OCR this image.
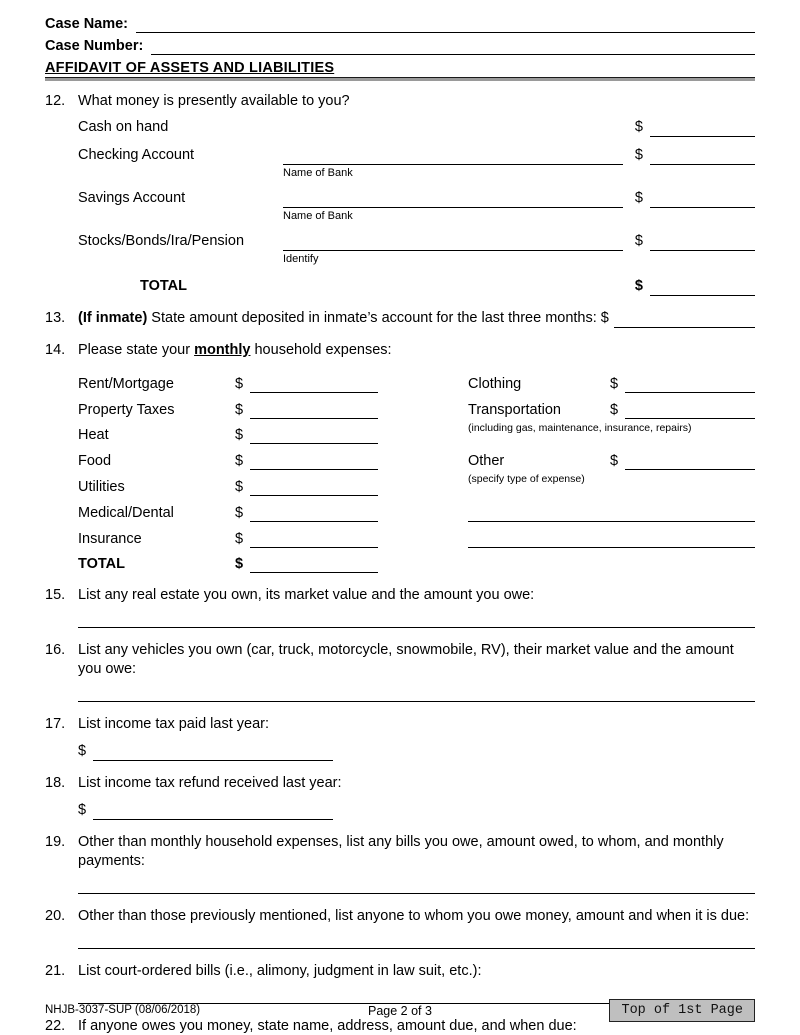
Case Name:
Case Number:
AFFIDAVIT OF ASSETS AND LIABILITIES
12. What money is presently available to you?
Cash on hand	$
Checking Account
Name of Bank
$
Savings Account
Name of Bank
$
Stocks/Bonds/Ira/Pension
Identify
$
TOTAL	$
13. (If inmate) State amount deposited in inmate’s account for the last three months: $
14. Please state your monthly household expenses:
Rent/Mortgage	$
Property Taxes	$
Heat	$
Food	$
Utilities	$
Medical/Dental	$
Insurance	$
TOTAL	$
Clothing	$
Transportation	$
(including gas, maintenance, insurance, repairs)
Other	$
(specify type of expense)
15. List any real estate you own, its market value and the amount you owe:
16. List any vehicles you own (car, truck, motorcycle, snowmobile, RV), their market value and the amount you owe:
17. List income tax paid last year:
$
18. List income tax refund received last year:
$
19. Other than monthly household expenses, list any bills you owe, amount owed, to whom, and monthly payments:
20. Other than those previously mentioned, list anyone to whom you owe money, amount and when it is due:
21. List court-ordered bills (i.e., alimony, judgment in law suit, etc.):
22. If anyone owes you money, state name, address, amount due, and when due:
NHJB-3037-SUP (08/06/2018)	Page 2 of 3	Top of 1st Page
